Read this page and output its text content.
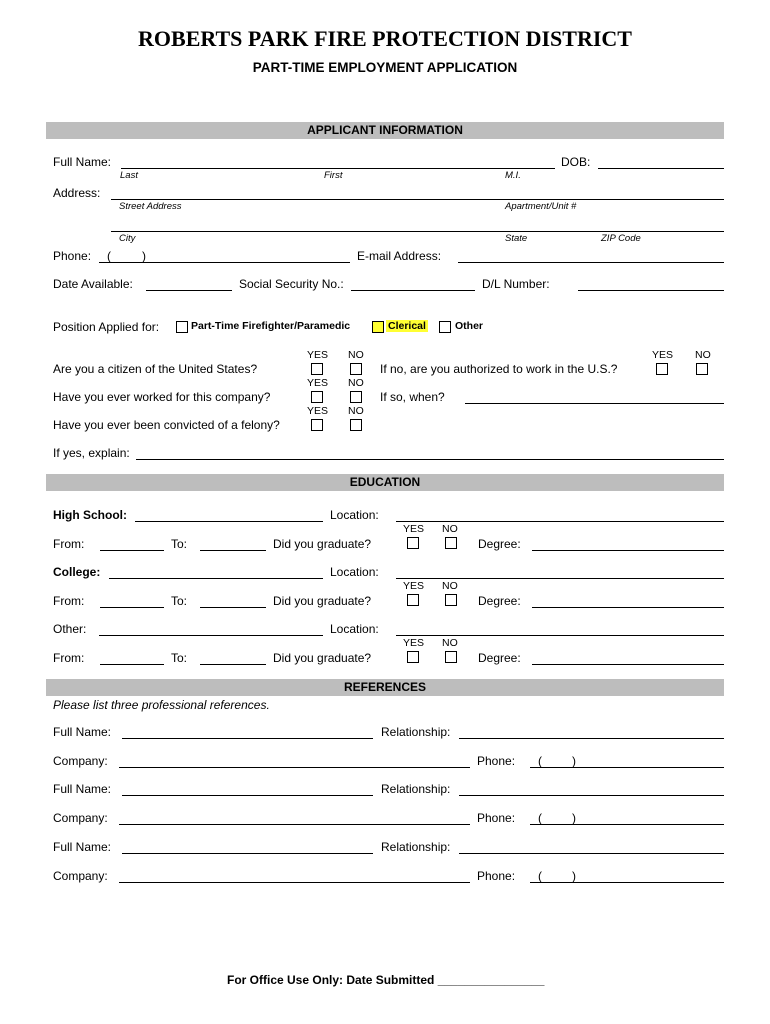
ROBERTS PARK FIRE PROTECTION DISTRICT
PART-TIME EMPLOYMENT APPLICATION
APPLICANT INFORMATION
Full Name:	DOB:
Last	First	M.I.
Address:
Street Address	Apartment/Unit #
City	State	ZIP Code
Phone: (	)	E-mail Address:
Date Available:	Social Security No.:	D/L Number:
Position Applied for:	Part-Time Firefighter/Paramedic	Clerical	Other
YES NO
Are you a citizen of the United States?	If no, are you authorized to work in the U.S.?
YES NO
YES NO
Have you ever worked for this company?	If so, when?
YES NO
Have you ever been convicted of a felony?
If yes, explain:
EDUCATION
High School:	Location:
YES NO
From:	To:	Did you graduate?	Degree:
College:	Location:
YES NO
From:	To:	Did you graduate?	Degree:
Other:	Location:
YES NO
From:	To:	Did you graduate?	Degree:
REFERENCES
Please list three professional references.
Full Name:	Relationship:
Company:	Phone: (	)
Full Name:	Relationship:
Company:	Phone: (	)
Full Name:	Relationship:
Company:	Phone: (	)
For Office Use Only: Date Submitted ________________
